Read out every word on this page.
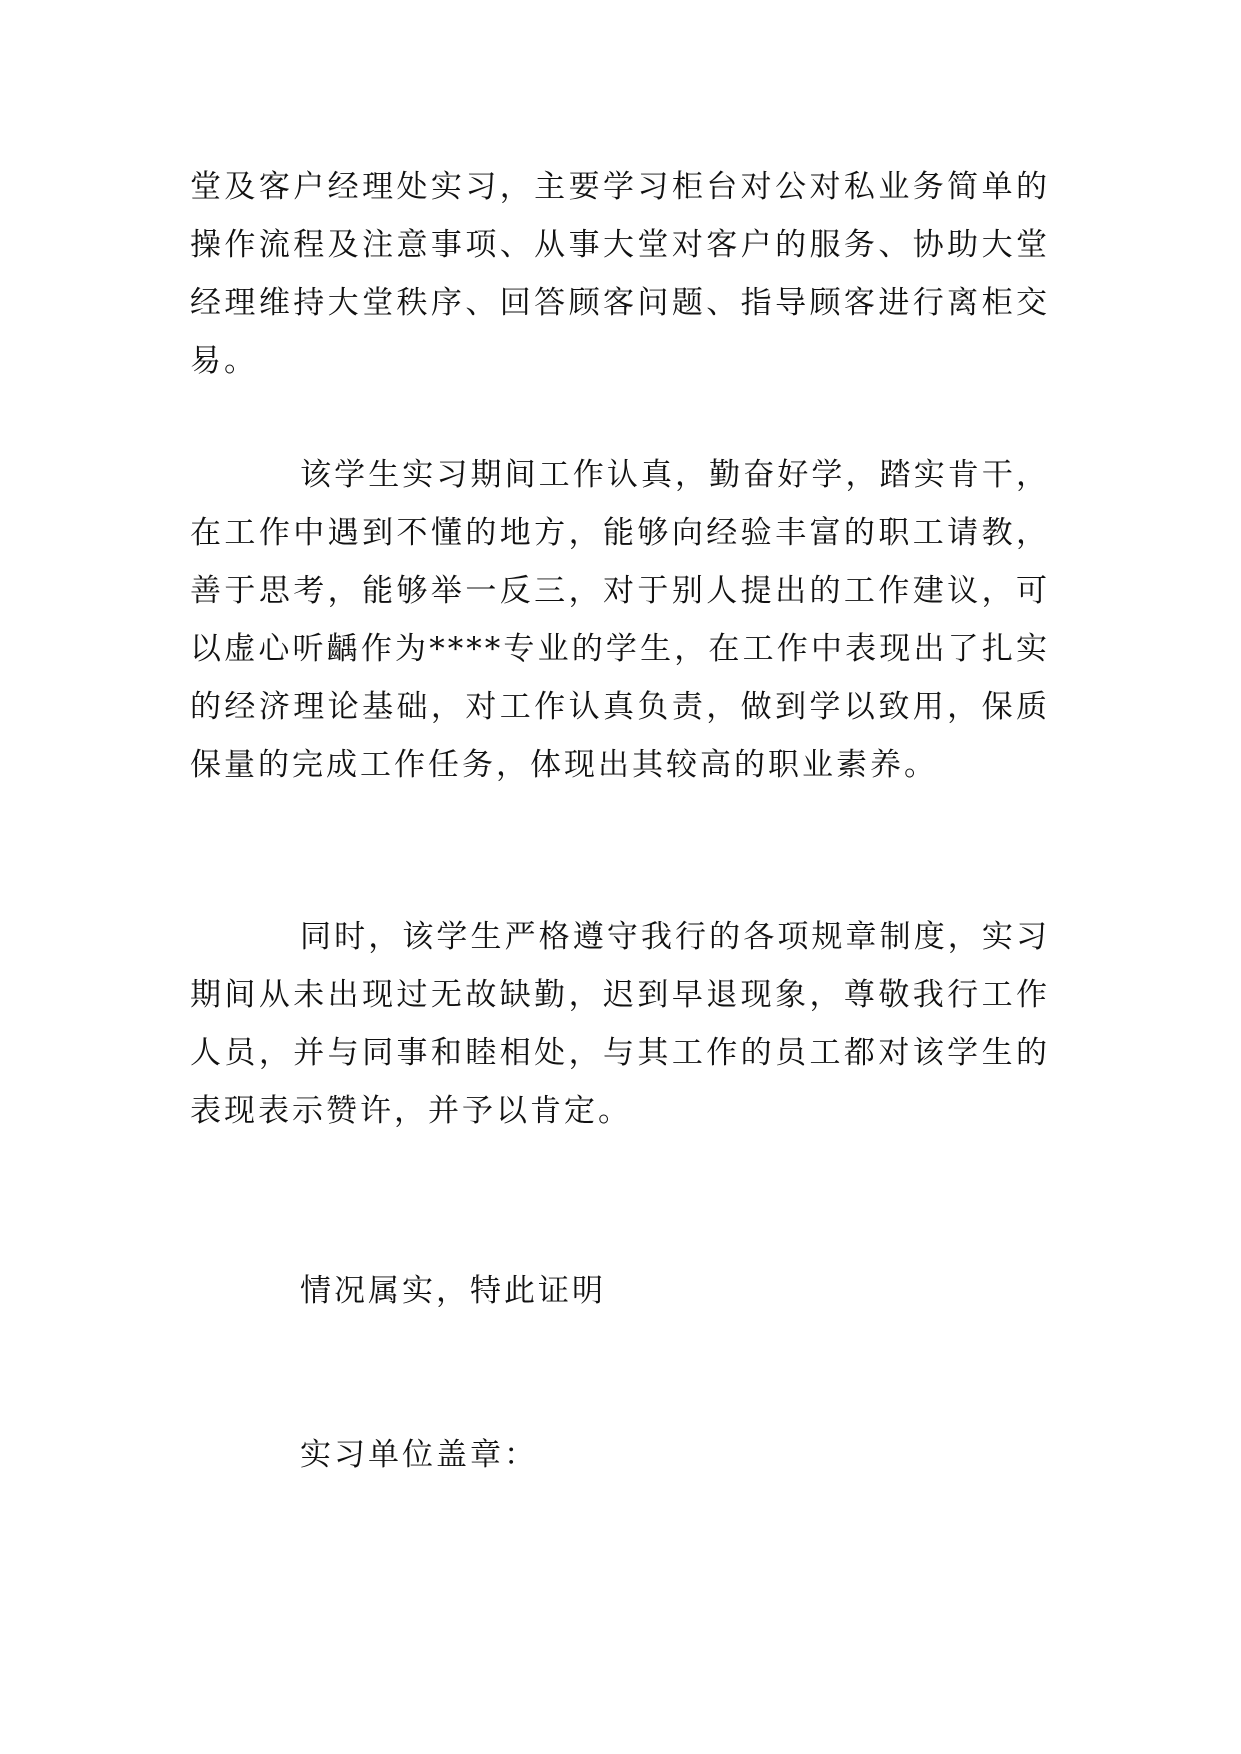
堂及客户经理处实习，主要学习柜台对公对私业务简单的操作流程及注意事项、从事大堂对客户的服务、协助大堂经理维持大堂秩序、回答顾客问题、指导顾客进行离柜交易。

该学生实习期间工作认真，勤奋好学，踏实肯干，在工作中遇到不懂的地方，能够向经验丰富的职工请教，善于思考，能够举一反三，对于别人提出的工作建议，可以虚心听齲作为****专业的学生，在工作中表现出了扎实的经济理论基础，对工作认真负责，做到学以致用，保质保量的完成工作任务，体现出其较高的职业素养。

同时，该学生严格遵守我行的各项规章制度，实习期间从未出现过无故缺勤，迟到早退现象，尊敬我行工作人员，并与同事和睦相处，与其工作的员工都对该学生的表现表示赞许，并予以肯定。

情况属实，特此证明

实习单位盖章：
